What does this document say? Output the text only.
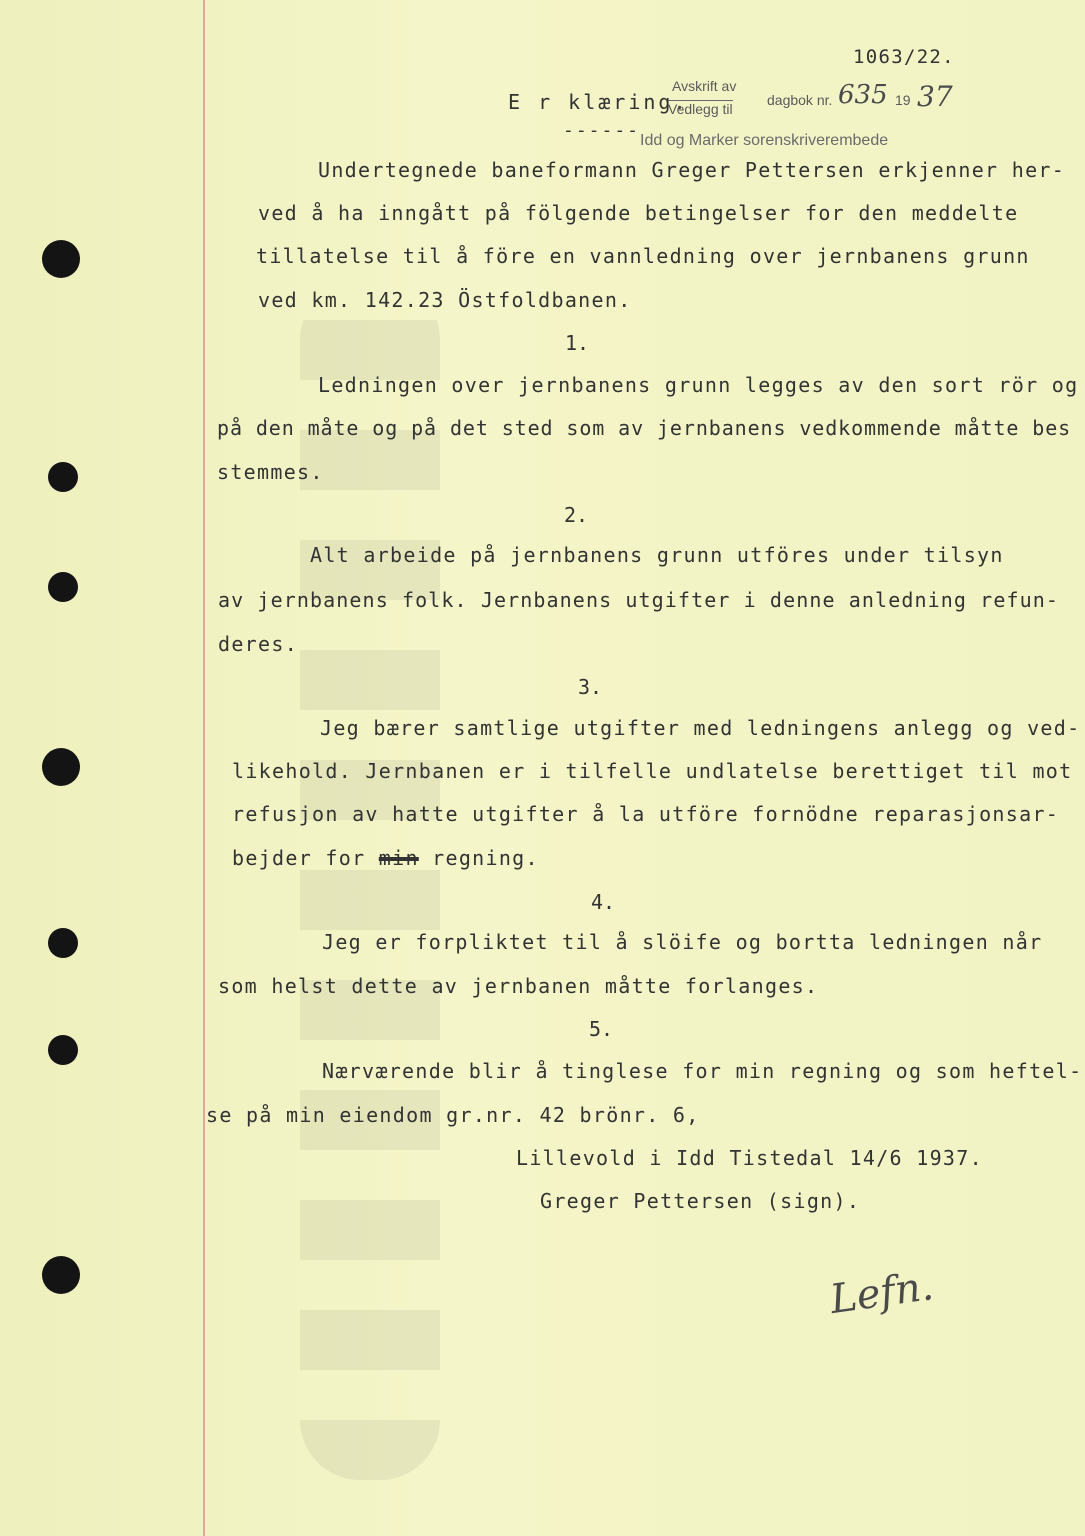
1063/22.
E r klæring.
------
Avskrift av
Vedlegg til
dagbok nr. 635 19 37
Idd og Marker sorenskriverembede
Undertegnede baneformann Greger Pettersen erkjenner her-
ved å ha inngått på fölgende betingelser for den meddelte
tillatelse til å före en vannledning over jernbanens grunn
ved km. 142.23 Östfoldbanen.
1.
Ledningen over jernbanens grunn legges av den sort rör og
på den måte og på det sted som av jernbanens vedkommende måtte bes
stemmes.
2.
Alt arbeide på jernbanens grunn utföres under tilsyn
av jernbanens folk. Jernbanens utgifter i denne anledning refun-
deres.
3.
Jeg bærer samtlige utgifter med ledningens anlegg og ved-
likehold. Jernbanen er i tilfelle undlatelse berettiget til mot
refusjon av hatte utgifter å la utföre fornödne reparasjonsar-
bejder for min regning.
4.
Jeg er forpliktet til å slöife og bortta ledningen når
som helst dette av jernbanen måtte forlanges.
5.
Nærværende blir å tinglese for min regning og som heftel-
se på min eiendom gr.nr. 42 brönr. 6,
Lillevold i Idd Tistedal 14/6 1937.
Greger Pettersen (sign).
Lefn.
